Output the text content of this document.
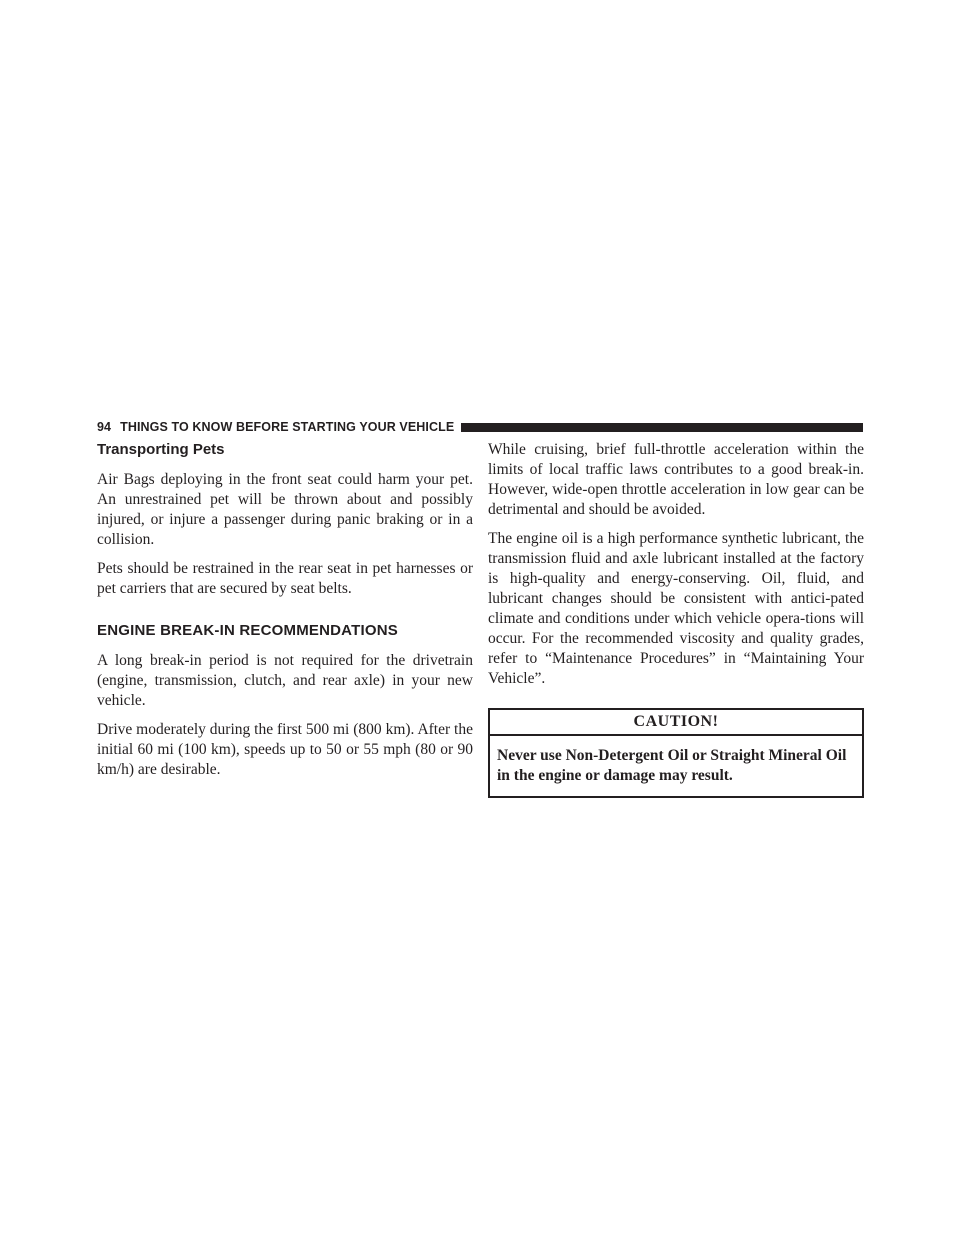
94 THINGS TO KNOW BEFORE STARTING YOUR VEHICLE
Transporting Pets

Air Bags deploying in the front seat could harm your pet. An unrestrained pet will be thrown about and possibly injured, or injure a passenger during panic braking or in a collision.

Pets should be restrained in the rear seat in pet harnesses or pet carriers that are secured by seat belts.

ENGINE BREAK-IN RECOMMENDATIONS

A long break-in period is not required for the drivetrain (engine, transmission, clutch, and rear axle) in your new vehicle.

Drive moderately during the first 500 mi (800 km). After the initial 60 mi (100 km), speeds up to 50 or 55 mph (80 or 90 km/h) are desirable.

While cruising, brief full-throttle acceleration within the limits of local traffic laws contributes to a good break-in. However, wide-open throttle acceleration in low gear can be detrimental and should be avoided.

The engine oil is a high performance synthetic lubricant, the transmission fluid and axle lubricant installed at the factory is high-quality and energy-conserving. Oil, fluid, and lubricant changes should be consistent with antici-pated climate and conditions under which vehicle opera-tions will occur. For the recommended viscosity and quality grades, refer to “Maintenance Procedures” in “Maintaining Your Vehicle”.

CAUTION!
Never use Non-Detergent Oil or Straight Mineral Oil in the engine or damage may result.
